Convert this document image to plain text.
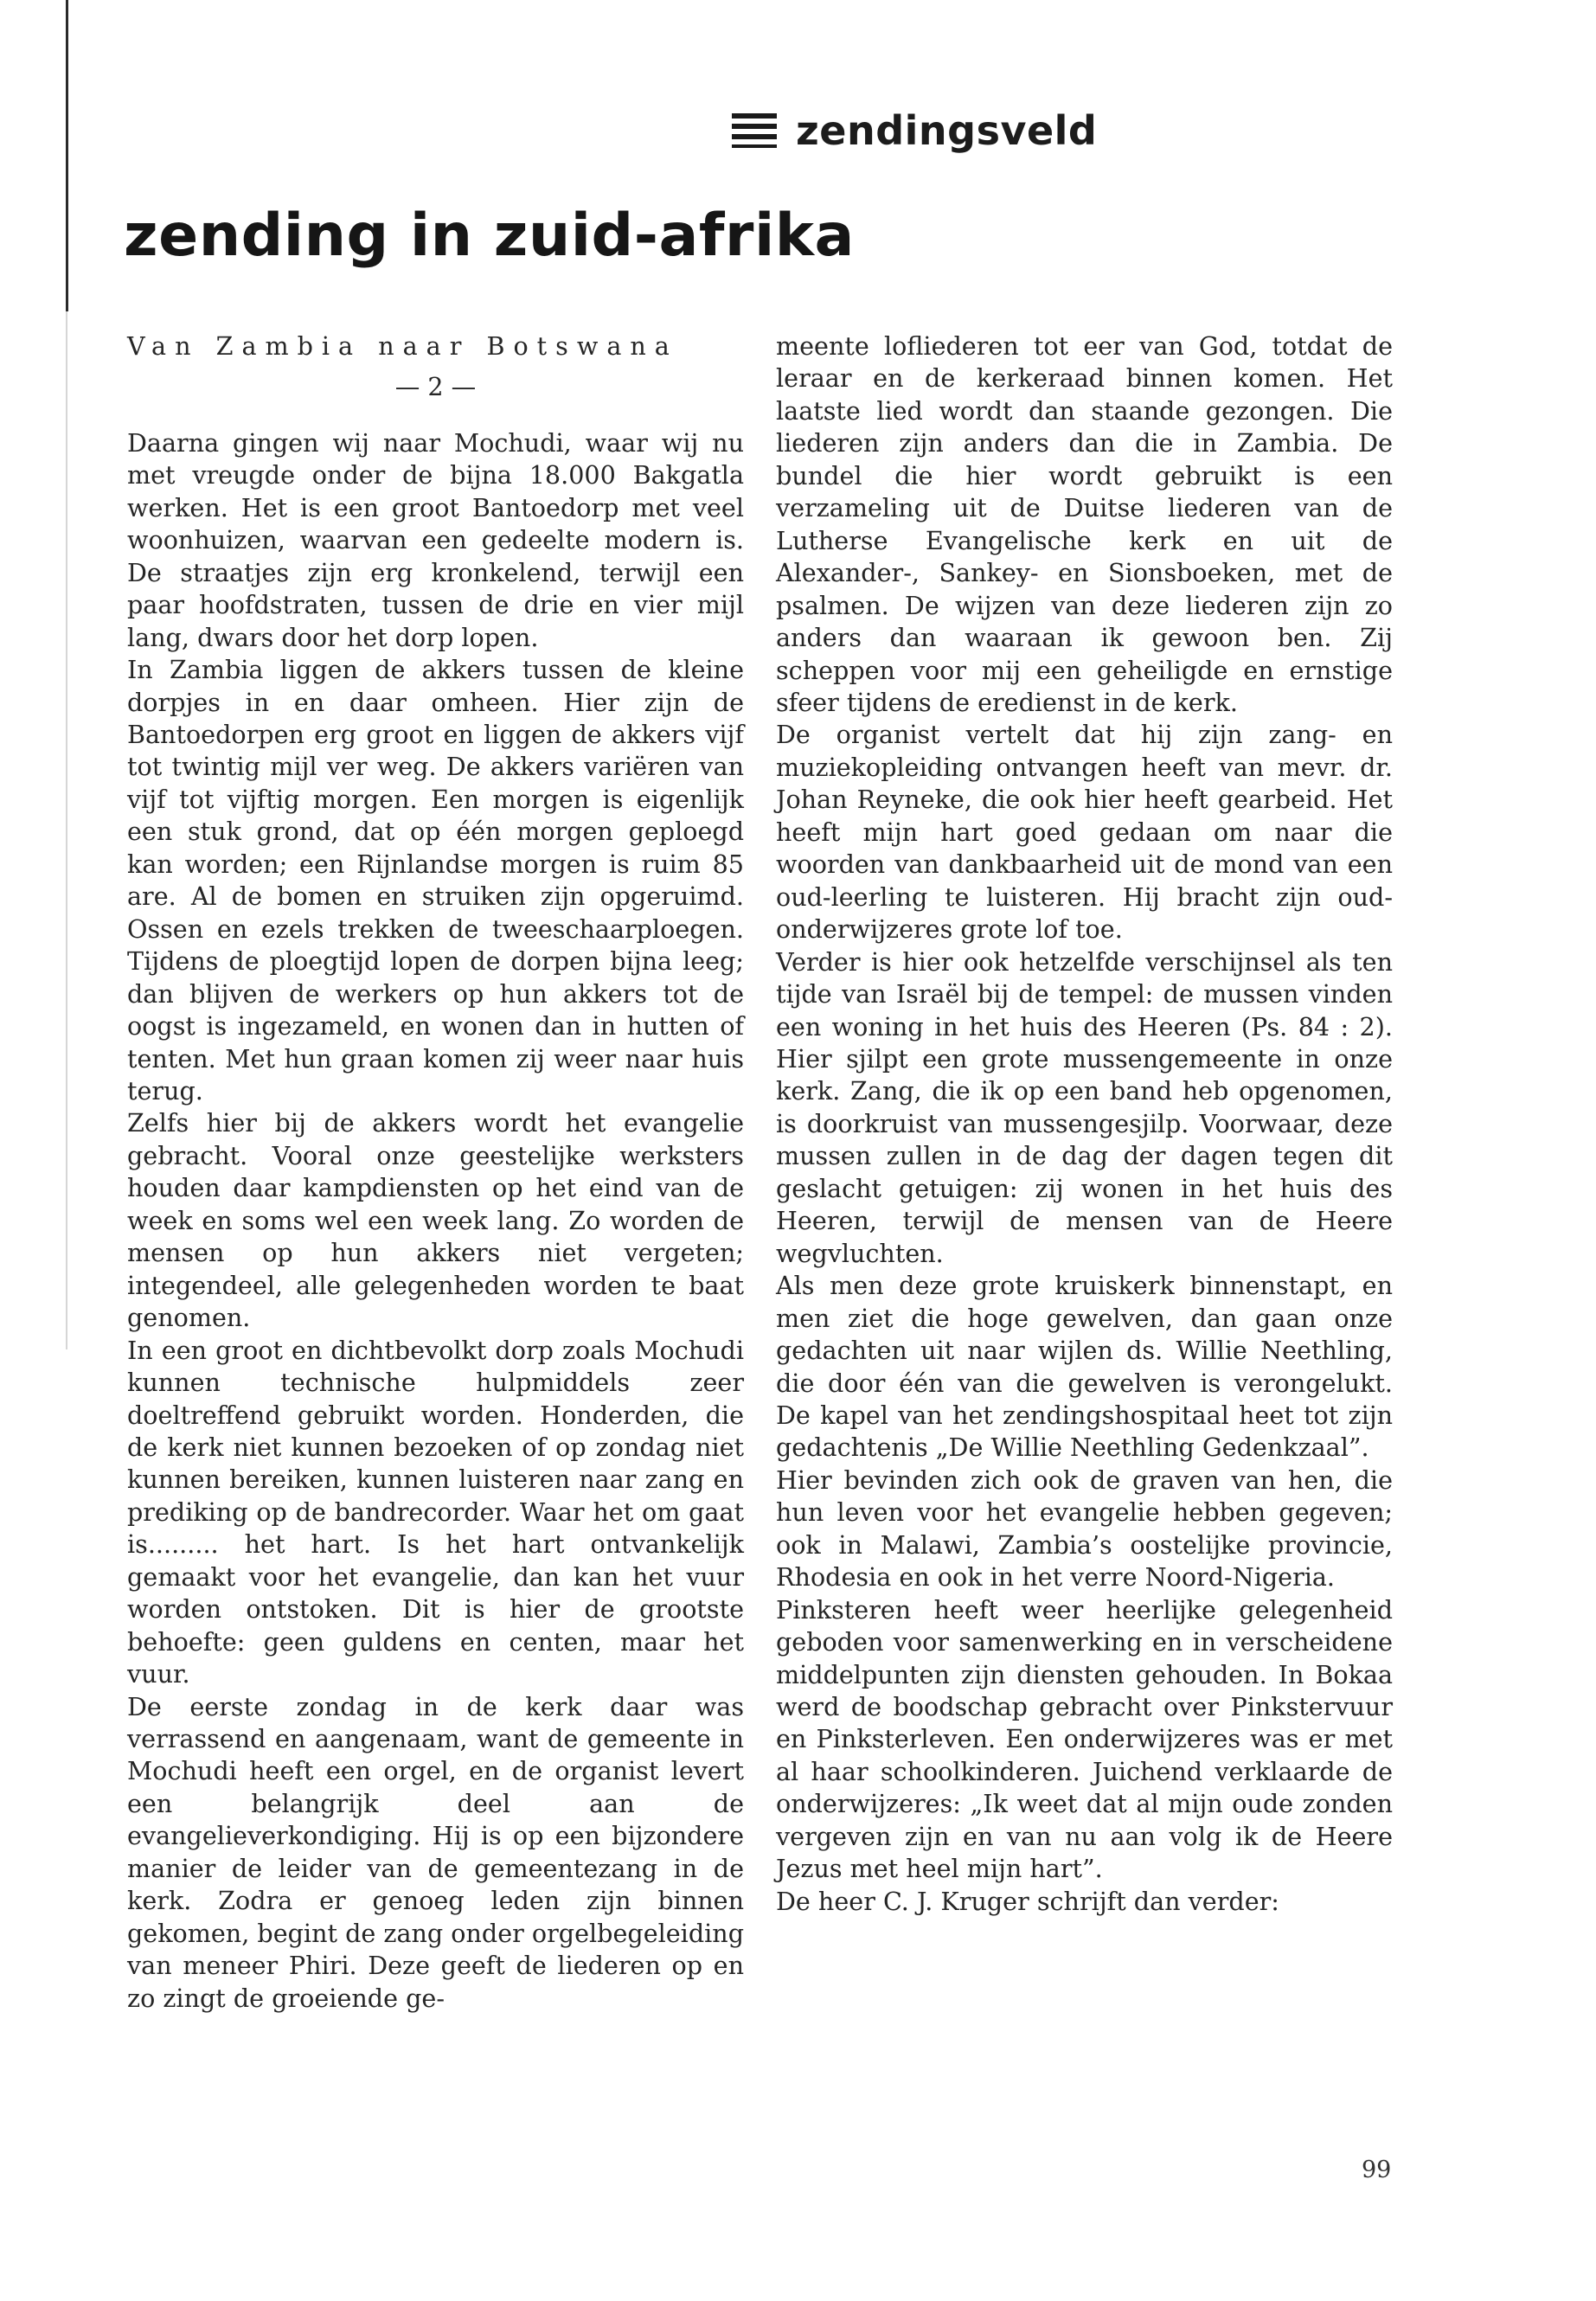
zendingsveld
zending in zuid-afrika
Van Zambia naar Botswana
— 2 —

Daarna gingen wij naar Mochudi, waar wij nu met vreugde onder de bijna 18.000 Bakgatla werken. Het is een groot Bantoedorp met veel woonhuizen, waarvan een gedeelte modern is. De straatjes zijn erg kronkelend, terwijl een paar hoofdstraten, tussen de drie en vier mijl lang, dwars door het dorp lopen.

In Zambia liggen de akkers tussen de kleine dorpjes in en daar omheen. Hier zijn de Bantoedorpen erg groot en liggen de akkers vijf tot twintig mijl ver weg. De akkers variëren van vijf tot vijftig morgen. Een morgen is eigenlijk een stuk grond, dat op één morgen geploegd kan worden; een Rijnlandse morgen is ruim 85 are. Al de bomen en struiken zijn opgeruimd. Ossen en ezels trekken de tweeschaarploegen. Tijdens de ploegtijd lopen de dorpen bijna leeg; dan blijven de werkers op hun akkers tot de oogst is ingezameld, en wonen dan in hutten of tenten. Met hun graan komen zij weer naar huis terug.

Zelfs hier bij de akkers wordt het evangelie gebracht. Vooral onze geestelijke werksters houden daar kampdiensten op het eind van de week en soms wel een week lang. Zo worden de mensen op hun akkers niet vergeten; integendeel, alle gelegenheden worden te baat genomen.

In een groot en dichtbevolkt dorp zoals Mochudi kunnen technische hulpmiddels zeer doeltreffend gebruikt worden. Honderden, die de kerk niet kunnen bezoeken of op zondag niet kunnen bereiken, kunnen luisteren naar zang en prediking op de bandrecorder. Waar het om gaat is......... het hart. Is het hart ontvankelijk gemaakt voor het evangelie, dan kan het vuur worden ontstoken. Dit is hier de grootste behoefte: geen guldens en centen, maar het vuur.

De eerste zondag in de kerk daar was verrassend en aangenaam, want de gemeente in Mochudi heeft een orgel, en de organist levert een belangrijk deel aan de evangelieverkondiging. Hij is op een bijzondere manier de leider van de gemeentezang in de kerk. Zodra er genoeg leden zijn binnen gekomen, begint de zang onder orgelbegeleiding van meneer Phiri. Deze geeft de liederen op en zo zingt de groeiende ge-

meente lofliederen tot eer van God, totdat de leraar en de kerkeraad binnen komen. Het laatste lied wordt dan staande gezongen. Die liederen zijn anders dan die in Zambia. De bundel die hier wordt gebruikt is een verzameling uit de Duitse liederen van de Lutherse Evangelische kerk en uit de Alexander-, Sankey- en Sionsboeken, met de psalmen. De wijzen van deze liederen zijn zo anders dan waaraan ik gewoon ben. Zij scheppen voor mij een geheiligde en ernstige sfeer tijdens de eredienst in de kerk.

De organist vertelt dat hij zijn zang- en muziekopleiding ontvangen heeft van mevr. dr. Johan Reyneke, die ook hier heeft gearbeid. Het heeft mijn hart goed gedaan om naar die woorden van dankbaarheid uit de mond van een oud-leerling te luisteren. Hij bracht zijn oud-onderwijzeres grote lof toe.

Verder is hier ook hetzelfde verschijnsel als ten tijde van Israël bij de tempel: de mussen vinden een woning in het huis des Heeren (Ps. 84 : 2). Hier sjilpt een grote mussengemeente in onze kerk. Zang, die ik op een band heb opgenomen, is doorkruist van mussengesjilp. Voorwaar, deze mussen zullen in de dag der dagen tegen dit geslacht getuigen: zij wonen in het huis des Heeren, terwijl de mensen van de Heere wegvluchten.

Als men deze grote kruiskerk binnenstapt, en men ziet die hoge gewelven, dan gaan onze gedachten uit naar wijlen ds. Willie Neethling, die door één van die gewelven is verongelukt. De kapel van het zendingshospitaal heet tot zijn gedachtenis „De Willie Neethling Gedenkzaal”.

Hier bevinden zich ook de graven van hen, die hun leven voor het evangelie hebben gegeven; ook in Malawi, Zambia’s oostelijke provincie, Rhodesia en ook in het verre Noord-Nigeria.

Pinksteren heeft weer heerlijke gelegenheid geboden voor samenwerking en in verscheidene middelpunten zijn diensten gehouden. In Bokaa werd de boodschap gebracht over Pinkstervuur en Pinksterleven. Een onderwijzeres was er met al haar schoolkinderen. Juichend verklaarde de onderwijzeres: „Ik weet dat al mijn oude zonden vergeven zijn en van nu aan volg ik de Heere Jezus met heel mijn hart”.

De heer C. J. Kruger schrijft dan verder:

99
